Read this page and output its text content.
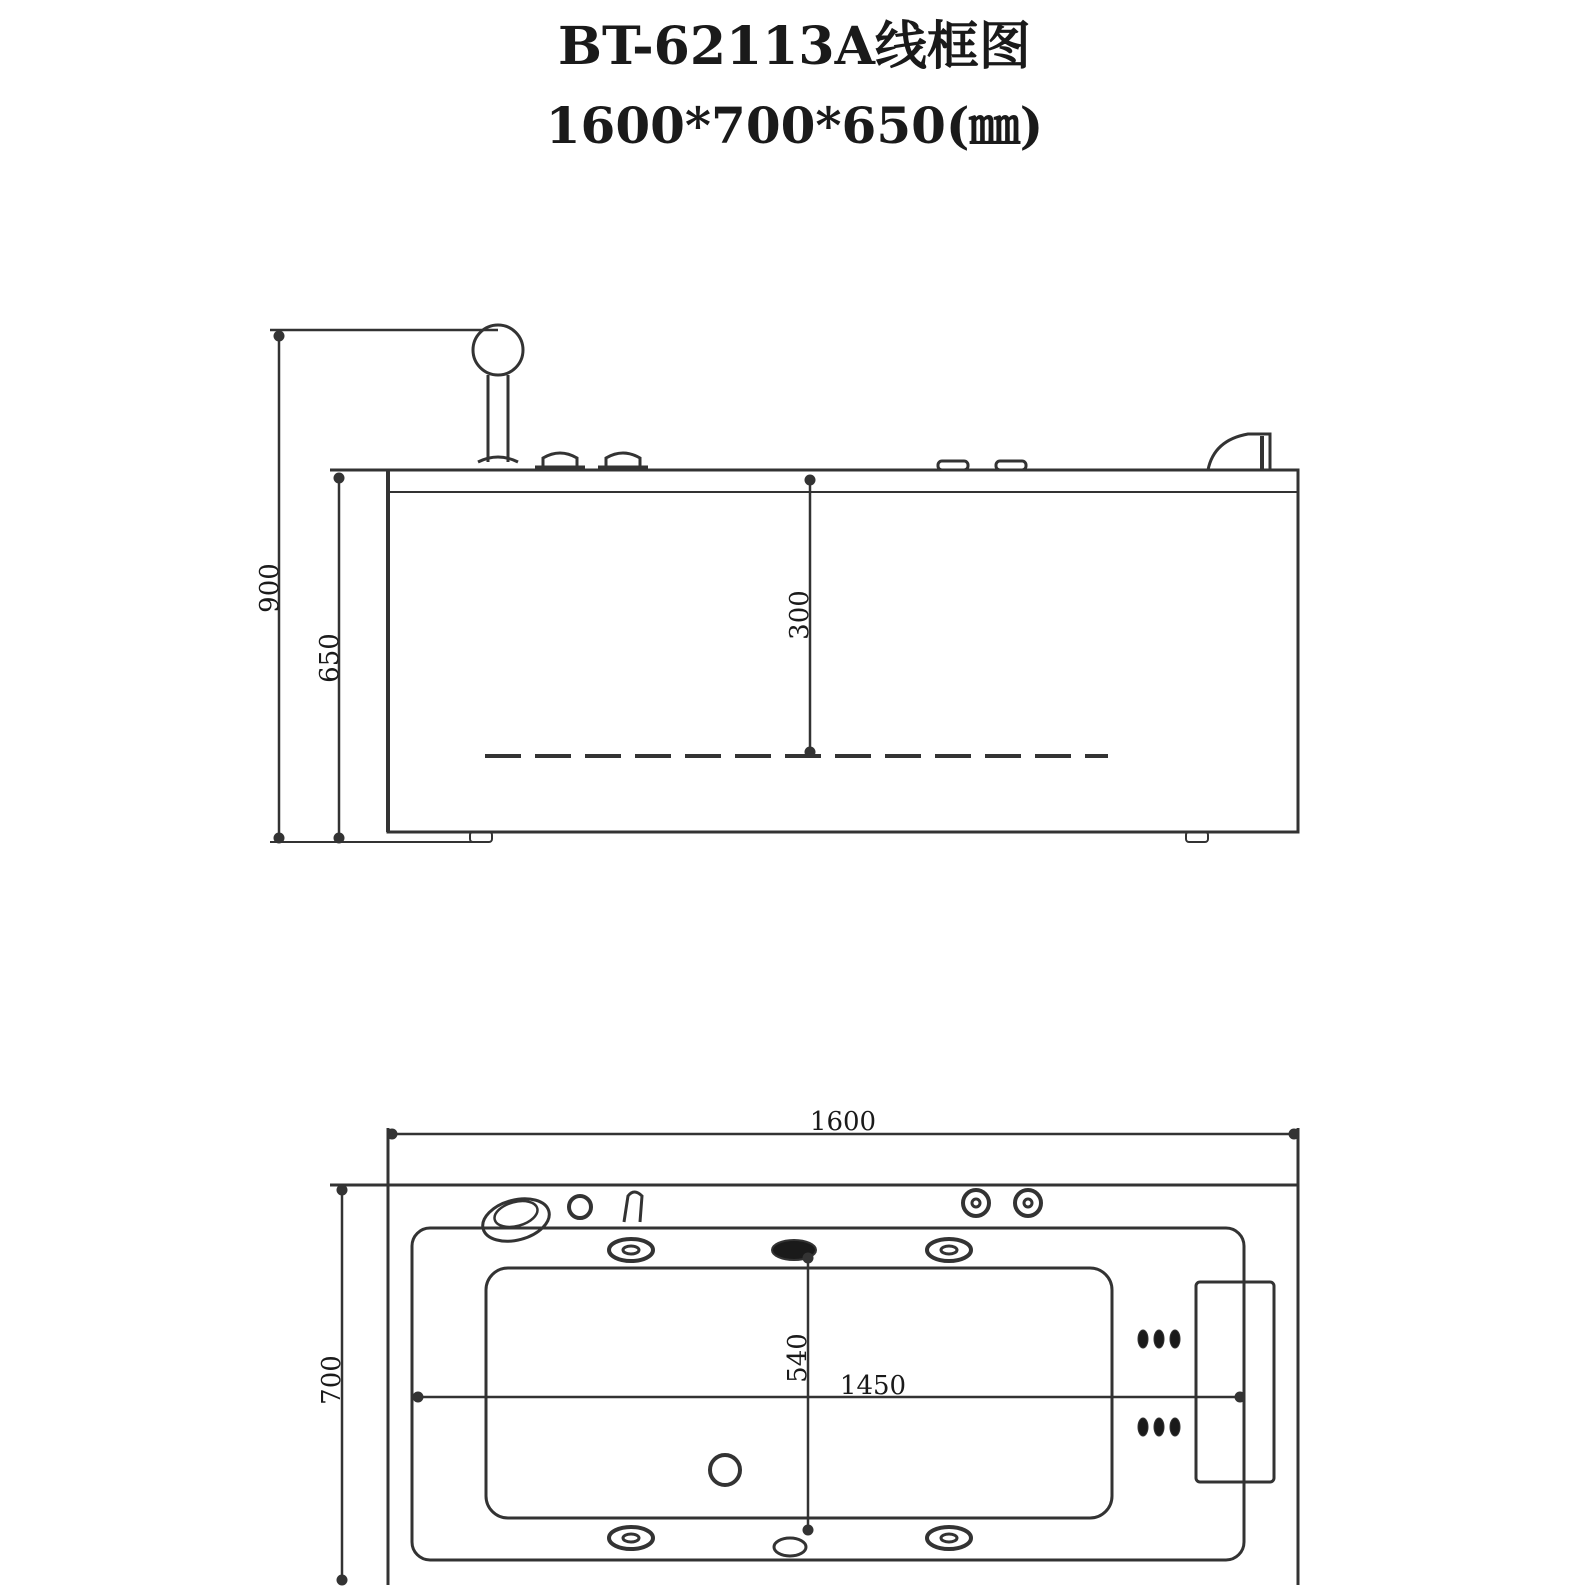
BT-62113A线框图
1600*700*650(㎜)
900
650
300
1600
700	540
1450
